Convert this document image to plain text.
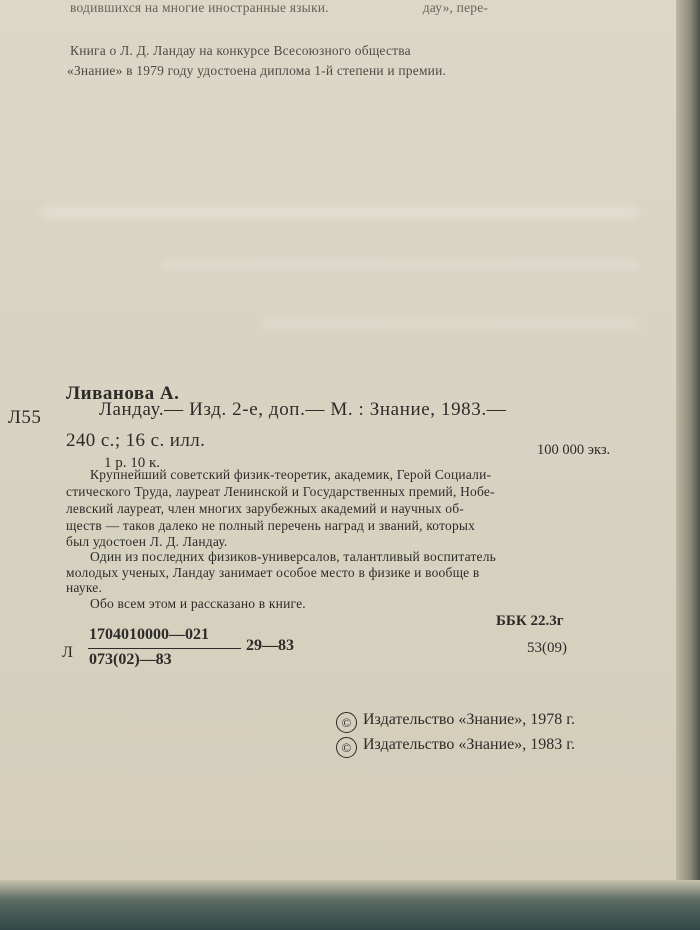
водившихся на многие иностранные языки.	дау», пере-
Книга о Л. Д. Ландау на конкурсе Всесоюзного общества
«Знание» в 1979 году удостоена диплома 1-й степени и премии.
Ливанова А.
Л55	Ландау.— Изд. 2-е, доп.— М. : Знание, 1983.—
240 с.; 16 с. илл.
1 р. 10 к.
100 000 экз.
Крупнейший советский физик-теоретик, академик, Герой Социали-
стического Труда, лауреат Ленинской и Государственных премий, Нобе-
левский лауреат, член многих зарубежных академий и научных об-
ществ — таков далеко не полный перечень наград и званий, которых
был удостоен Л. Д. Ландау.
Один из последних физиков-универсалов, талантливый воспитатель
молодых ученых, Ландау занимает особое место в физике и вообще в
науке.
Обо всем этом и рассказано в книге.
ББК 22.3г
53(09)
Л
1704010000—021
073(02)—83
29—83
© Издательство «Знание», 1978 г.
© Издательство «Знание», 1983 г.
